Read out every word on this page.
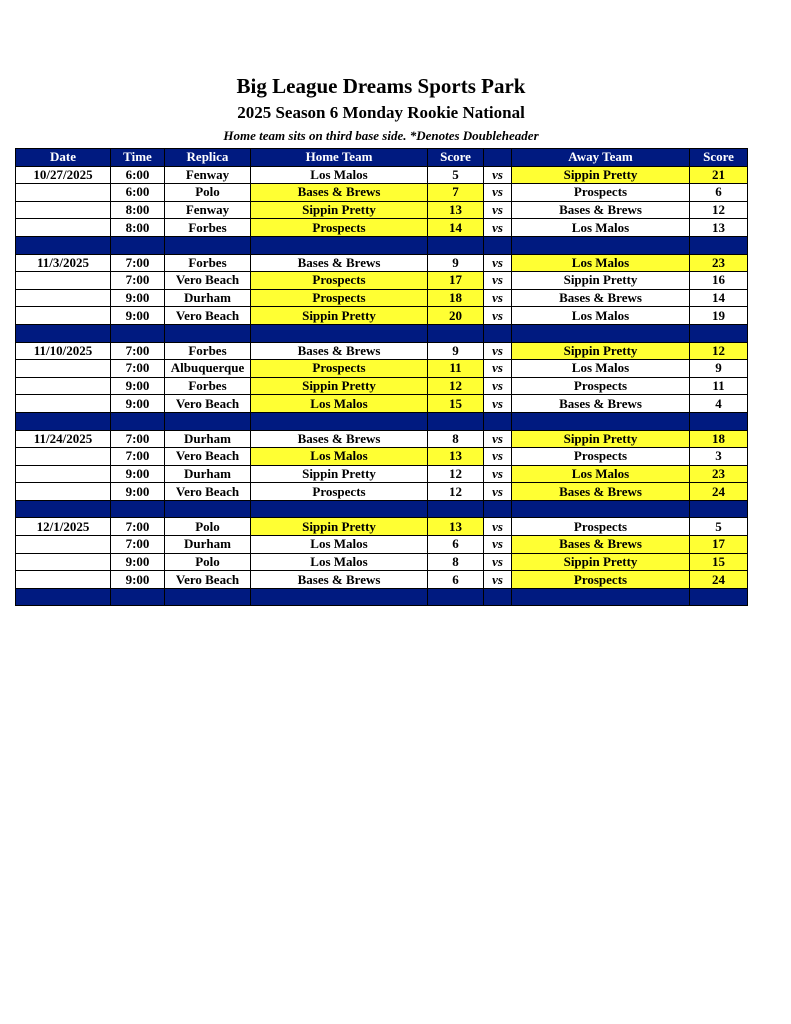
Big League Dreams Sports Park
2025 Season 6 Monday Rookie National
Home team sits on third base side. *Denotes Doubleheader
Date	Time	Replica	Home Team	Score		Away Team	Score
10/27/2025	6:00	Fenway	Los Malos	5	vs	Sippin Pretty	21
	6:00	Polo	Bases & Brews	7	vs	Prospects	6
	8:00	Fenway	Sippin Pretty	13	vs	Bases & Brews	12
	8:00	Forbes	Prospects	14	vs	Los Malos	13

11/3/2025	7:00	Forbes	Bases & Brews	9	vs	Los Malos	23
	7:00	Vero Beach	Prospects	17	vs	Sippin Pretty	16
	9:00	Durham	Prospects	18	vs	Bases & Brews	14
	9:00	Vero Beach	Sippin Pretty	20	vs	Los Malos	19

11/10/2025	7:00	Forbes	Bases & Brews	9	vs	Sippin Pretty	12
	7:00	Albuquerque	Prospects	11	vs	Los Malos	9
	9:00	Forbes	Sippin Pretty	12	vs	Prospects	11
	9:00	Vero Beach	Los Malos	15	vs	Bases & Brews	4

11/24/2025	7:00	Durham	Bases & Brews	8	vs	Sippin Pretty	18
	7:00	Vero Beach	Los Malos	13	vs	Prospects	3
	9:00	Durham	Sippin Pretty	12	vs	Los Malos	23
	9:00	Vero Beach	Prospects	12	vs	Bases & Brews	24

12/1/2025	7:00	Polo	Sippin Pretty	13	vs	Prospects	5
	7:00	Durham	Los Malos	6	vs	Bases & Brews	17
	9:00	Polo	Los Malos	8	vs	Sippin Pretty	15
	9:00	Vero Beach	Bases & Brews	6	vs	Prospects	24
